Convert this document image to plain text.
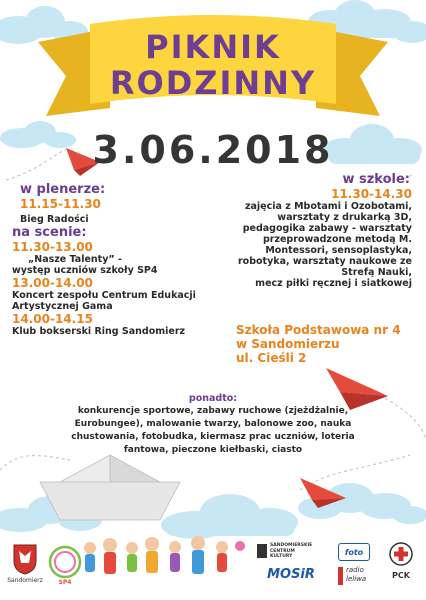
PIKNIK
RODZINNY
3.06.2018
w plenerze:
11.15-11.30
Bieg Radości
na scenie:
11.30-13.00
„Nasze Talenty” -
występ uczniów szkoły SP4
13.00-14.00
Koncert zespołu Centrum Edukacji
Artystycznej Gama
14.00-14.15
Klub bokserski Ring Sandomierz
w szkole:
11.30-14.30
zajęcia z Mbotami i Ozobotami,
warsztaty z drukarką 3D,
pedagogika zabawy - warsztaty
przeprowadzone metodą M.
Montessori, sensoplastyka,
robotyka, warsztaty naukowe ze
Strefą Nauki,
mecz piłki ręcznej i siatkowej
Szkoła Podstawowa nr 4
w Sandomierzu
ul. Cieśli 2
ponadto:
konkurencje sportowe, zabawy ruchowe (zjeżdżalnie,
Eurobungee), malowanie twarzy, balonowe zoo, nauka
chustowania, fotobudka, kiermasz prac uczniów, loteria
fantowa, pieczone kiełbaski, ciasto
Sandomierz	SP4
SANDOMIERSKIE
CENTRUM
KULTURY
MOSiR
foto
radio
leliwa	PCK
